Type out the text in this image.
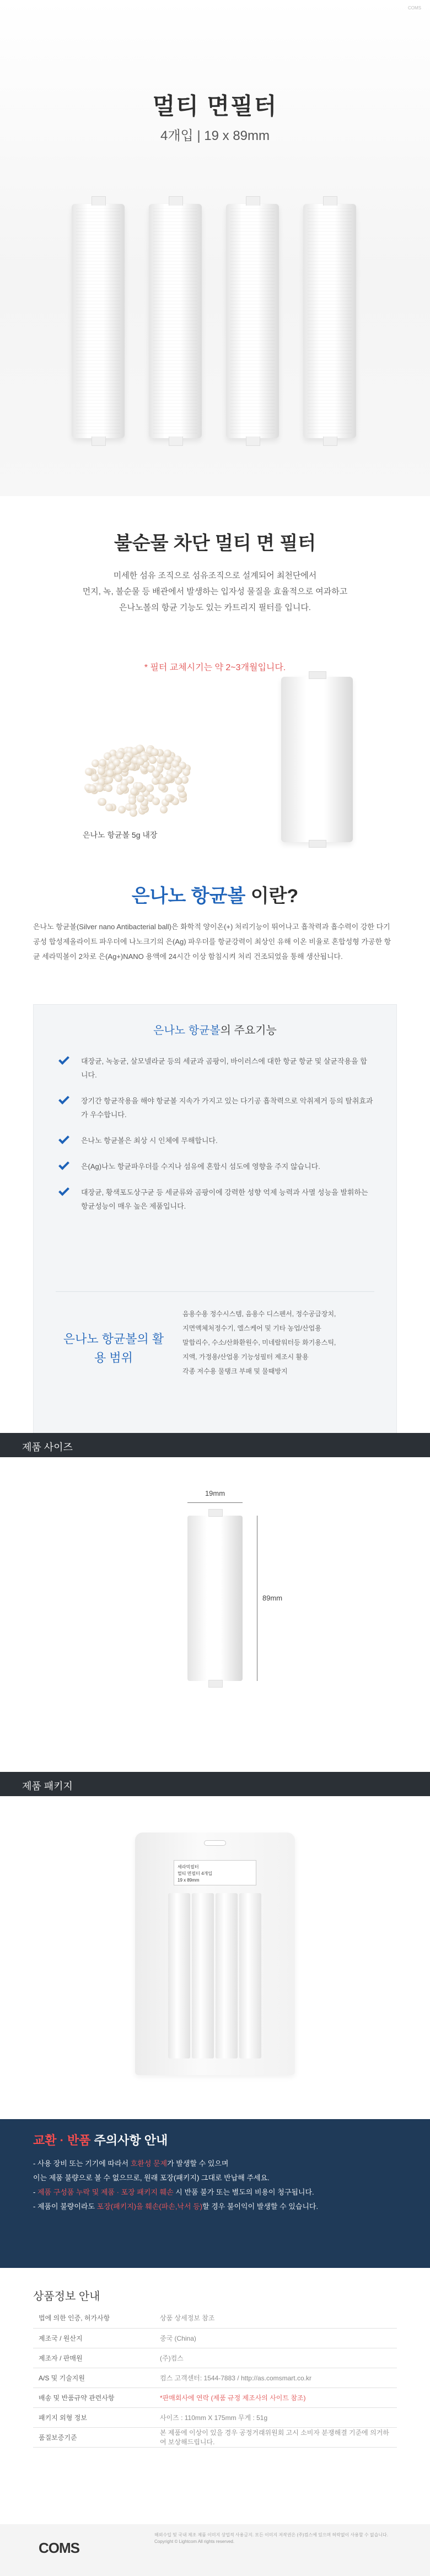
멀티 면필터
4개입 | 19 x 89mm
COMS
불순물 차단 멀티 면 필터
미세한 섬유 조직으로 섬유조직으로 설계되어 최천단에서
먼지, 녹, 불순물 등 배관에서 발생하는 입자성 물질을 효율적으로 여과하고
은나노볼의 항균 기능도 있는 카트리지 필터를 입니다.
* 필터 교체시기는 약 2~3개월입니다.
은나노 항균볼 5g 내장
은나노 항균볼 이란?
은나노 항균볼(Silver nano Antibacterial ball)은 화학적 양이온(+) 처리기능이 뛰어나고 흡착력과 흡수력이 강한 다기공성 합성제올라이트 파우더에 나노크기의 은(Ag) 파우더를 항균강력이 최상인 유해 이온 비율로 혼합성형 가공한 항균 세라믹볼이 2차로 은(Ag+)NANO 용액에 24시간 이상 함침시켜 처리 건조되었을 통해 생산됩니다.
은나노 항균볼의 주요기능
대장균, 녹농균, 살모넬라균 등의 세균과 곰팡이, 바이러스에 대한 항균 항균 및 살균작용을 합니다.
장기간 항균작용을 해야 항균볼 지속가 가지고 있는 다기공 흡착력으로 악취제거 등의 탈취효과가 우수합니다.
은나노 항균볼은 최상 시 인체에 무해합니다.
은(Ag)나노 항균파우더를 수지나 섬유에 혼합시 섬도에 영향을 주지 않습니다.
대장균, 황색포도상구균 등 세균류와 곰팡이에 강력한 성향 억제 능력과 사멸 성능을 발휘하는 항균성능이 매우 높은 제품입니다.
은나노 항균볼의 활용 범위
음용수용 정수시스템, 음용수 디스펜서, 정수공급장치,
지면액체처정수기, 엘스케어 및 기타 농업/산업용
말합리수, 수소/산화환원수, 미네랄워터등 화기용스틱,
지액, 가정용/산업용 기능성필터 제조시 활용
각종 저수용 물탱크 부패 및 물때방지
제품 사이즈
19mm
89mm
제품 패키지
세라믹필터
멀티 면필터 4개입
19 x 89mm
교환 · 반품 주의사항 안내
- 사용 장비 또는 기기에 따라서 호환성 문제가 발생할 수 있으며
이는 제품 불량으로 볼 수 없으므로, 원래 포장(패키지) 그대로 반납해 주세요.
- 제품 구성품 누락 및 제품 · 포장 패키지 훼손 시 반품 불가 또는 별도의 비용이 청구됩니다.
- 제품이 불량이라도 포장(패키지)을 훼손(파손,낙서 등)할 경우 불이익이 발생할 수 있습니다.
상품정보 안내
법에 의한 인증, 허가사항	상품 상세정보 참조
제조국 / 원산지	중국 (China)
제조자 / 판매원	(주)컴스
A/S 및 기술지원	컴스 고객센터: 1544-7883 / http://as.comsmart.co.kr
배송 및 반품규약 관련사항	*판매회사에 연락 (제품 규정 제조사의 사이트 참조)
패키지 외형 정보	사이즈 : 110mm X 175mm 무게 : 51g
품질보증기준	본 제품에 이상이 있을 경우 공정거래위원회 고시 소비자 분쟁해결 기준에 의거하여 보상해드립니다.
COMS
해외수입 및 국내 제조 제품 이미지 상업적 사용금지. 모든 이미지 저작권은 (주)컴스에 있으며 허락없이 사용할 수 없습니다. Copyright © Lightcom All rights reserved.
